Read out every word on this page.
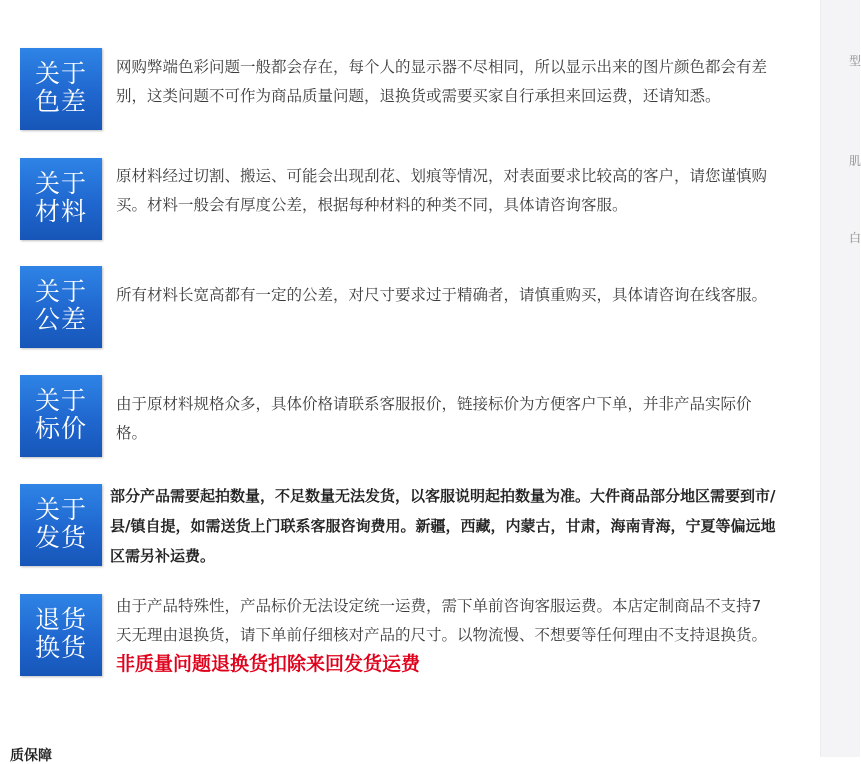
关于
色差
网购弊端色彩问题一般都会存在，每个人的显示器不尽相同，所以显示出来的图片颜色都会有差别，这类问题不可作为商品质量问题，退换货或需要买家自行承担来回运费，还请知悉。
关于
材料
原材料经过切割、搬运、可能会出现刮花、划痕等情况，对表面要求比较高的客户，请您谨慎购买。材料一般会有厚度公差，根据每种材料的种类不同，具体请咨询客服。
关于
公差
所有材料长宽高都有一定的公差，对尺寸要求过于精确者，请慎重购买，具体请咨询在线客服。
关于
标价
由于原材料规格众多，具体价格请联系客服报价，链接标价为方便客户下单，并非产品实际价格。
关于
发货
部分产品需要起拍数量，不足数量无法发货，以客服说明起拍数量为准。大件商品部分地区需要到市/县/镇自提，如需送货上门联系客服咨询费用。新疆，西藏，内蒙古，甘肃，海南青海，宁夏等偏远地区需另补运费。
退货
换货
由于产品特殊性，产品标价无法设定统一运费，需下单前咨询客服运费。本店定制商品不支持7天无理由退换货，请下单前仔细核对产品的尺寸。以物流慢、不想要等任何理由不支持退换货。非质量问题退换货扣除来回发货运费
质保障
型
肌
白
